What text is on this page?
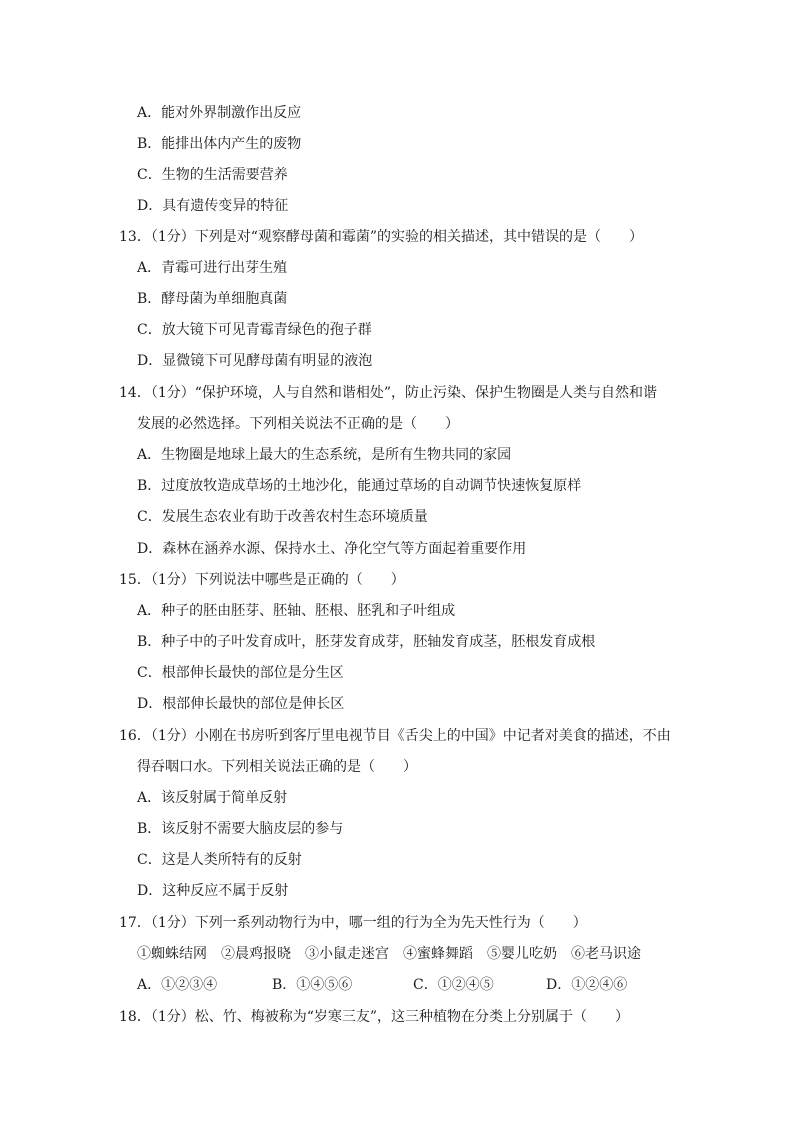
A．能对外界制激作出反应
B．能排出体内产生的废物
C．生物的生活需要营养
D．具有遗传变异的特征
13．（1分）下列是对“观察酵母菌和霉菌”的实验的相关描述，其中错误的是（　　）
A．青霉可进行出芽生殖
B．酵母菌为单细胞真菌
C．放大镜下可见青霉青绿色的孢子群
D．显微镜下可见酵母菌有明显的液泡
14．（1分）“保护环境，人与自然和谐相处”，防止污染、保护生物圈是人类与自然和谐
发展的必然选择。下列相关说法不正确的是（　　）
A．生物圈是地球上最大的生态系统，是所有生物共同的家园
B．过度放牧造成草场的土地沙化，能通过草场的自动调节快速恢复原样
C．发展生态农业有助于改善农村生态环境质量
D．森林在涵养水源、保持水土、净化空气等方面起着重要作用
15．（1分）下列说法中哪些是正确的（　　）
A．种子的胚由胚芽、胚轴、胚根、胚乳和子叶组成
B．种子中的子叶发育成叶，胚芽发育成芽，胚轴发育成茎，胚根发育成根
C．根部伸长最快的部位是分生区
D．根部伸长最快的部位是伸长区
16．（1分）小刚在书房听到客厅里电视节目《舌尖上的中国》中记者对美食的描述，不由
得吞咽口水。下列相关说法正确的是（　　）
A．该反射属于简单反射
B．该反射不需要大脑皮层的参与
C．这是人类所特有的反射
D．这种反应不属于反射
17．（1分）下列一系列动物行为中，哪一组的行为全为先天性行为（　　）
①蜘蛛结网　②晨鸡报晓　③小鼠走迷宫　④蜜蜂舞蹈　⑤婴儿吃奶　⑥老马识途
A．①②③④	B．①④⑤⑥	C．①②④⑤	D．①②④⑥
18．（1分）松、竹、梅被称为“岁寒三友”，这三种植物在分类上分别属于（　　）
